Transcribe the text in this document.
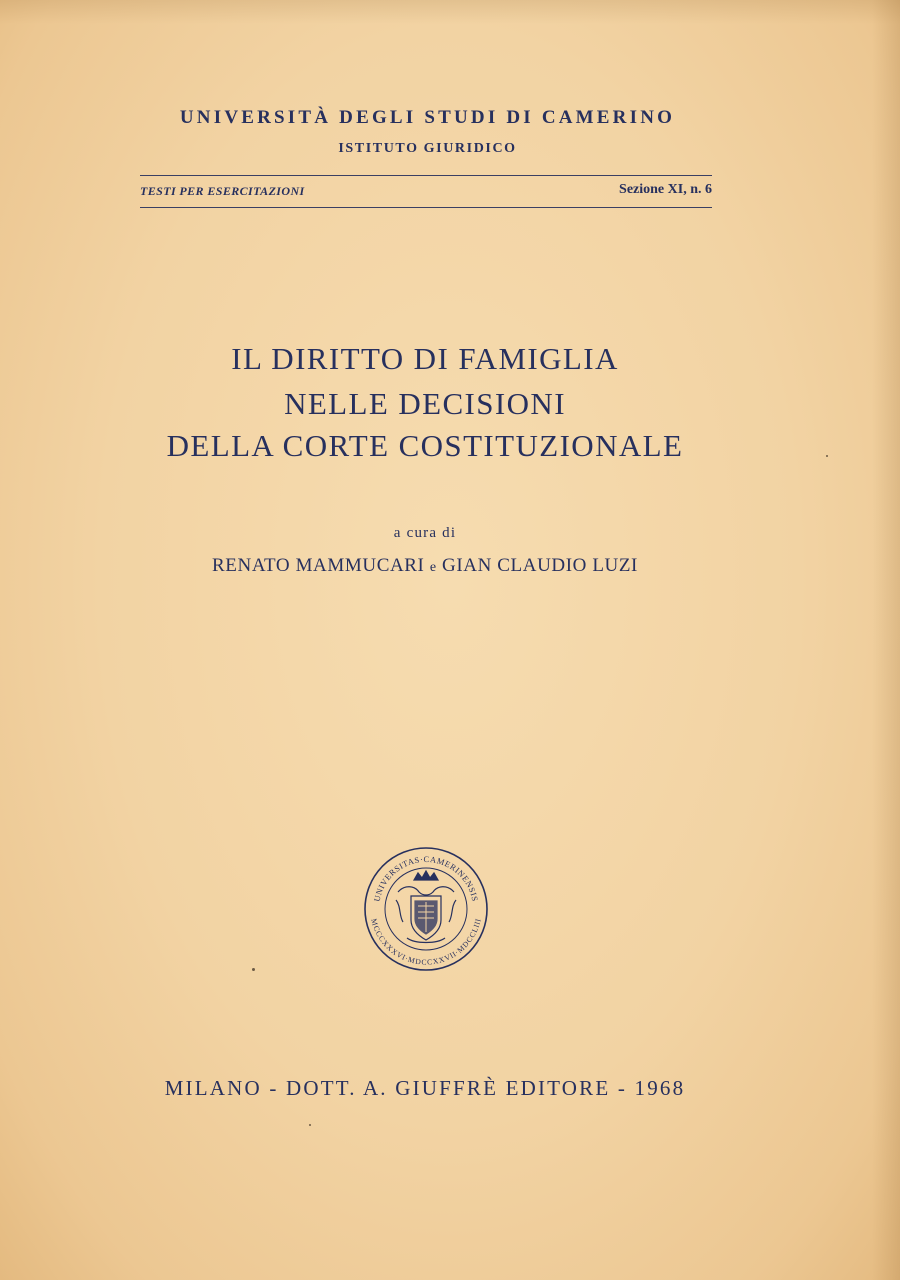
UNIVERSITÀ DEGLI STUDI DI CAMERINO
ISTITUTO GIURIDICO
TESTI PER ESERCITAZIONI	Sezione XI, n. 6
IL DIRITTO DI FAMIGLIA
NELLE DECISIONI
DELLA CORTE COSTITUZIONALE
a cura di
RENATO MAMMUCARI e GIAN CLAUDIO LUZI
UNIVERSITAS·CAMERINENSIS
MCCCXXXVI·MDCCXXVII·MDCCLIII
MILANO - DOTT. A. GIUFFRÈ EDITORE - 1968
